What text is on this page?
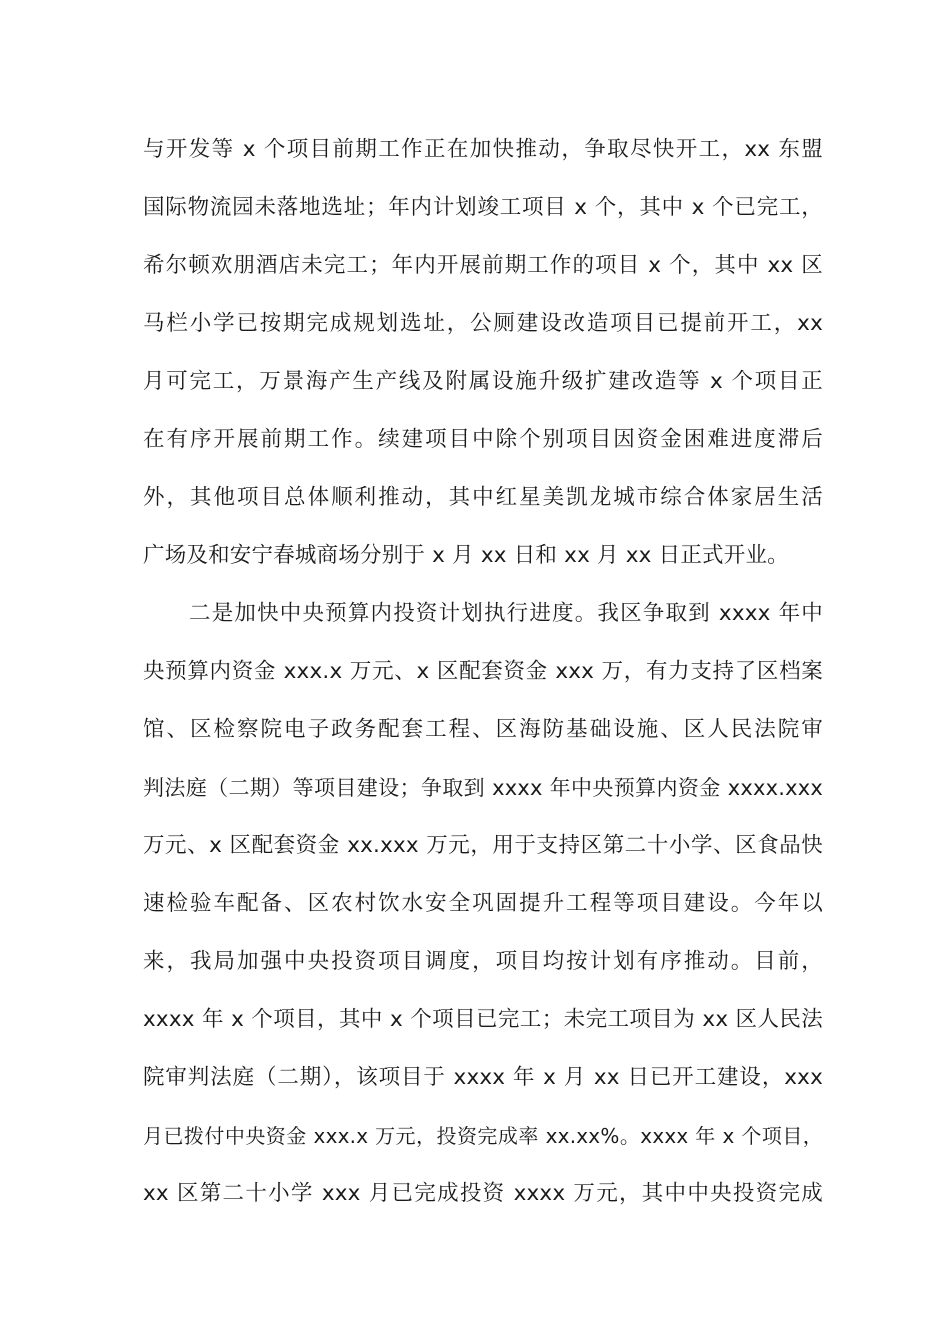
与开发等 x 个项目前期工作正在加快推动，争取尽快开工，xx 东盟
国际物流园未落地选址；年内计划竣工项目 x 个，其中 x 个已完工，
希尔顿欢朋酒店未完工；年内开展前期工作的项目 x 个，其中 xx 区
马栏小学已按期完成规划选址，公厕建设改造项目已提前开工，xx
月可完工，万景海产生产线及附属设施升级扩建改造等 x 个项目正
在有序开展前期工作。续建项目中除个别项目因资金困难进度滞后
外，其他项目总体顺利推动，其中红星美凯龙城市综合体家居生活
广场及和安宁春城商场分别于 x 月 xx 日和 xx 月 xx 日正式开业。
二是加快中央预算内投资计划执行进度。我区争取到 xxxx 年中
央预算内资金 xxx.x 万元、x 区配套资金 xxx 万，有力支持了区档案
馆、区检察院电子政务配套工程、区海防基础设施、区人民法院审
判法庭（二期）等项目建设；争取到 xxxx 年中央预算内资金 xxxx.xxx
万元、x 区配套资金 xx.xxx 万元，用于支持区第二十小学、区食品快
速检验车配备、区农村饮水安全巩固提升工程等项目建设。今年以
来，我局加强中央投资项目调度，项目均按计划有序推动。目前，
xxxx 年 x 个项目，其中 x 个项目已完工；未完工项目为 xx 区人民法
院审判法庭（二期），该项目于 xxxx 年 x 月 xx 日已开工建设，xxx
月已拨付中央资金 xxx.x 万元，投资完成率 xx.xx%。xxxx 年 x 个项目，
xx 区第二十小学 xxx 月已完成投资 xxxx 万元，其中中央投资完成
